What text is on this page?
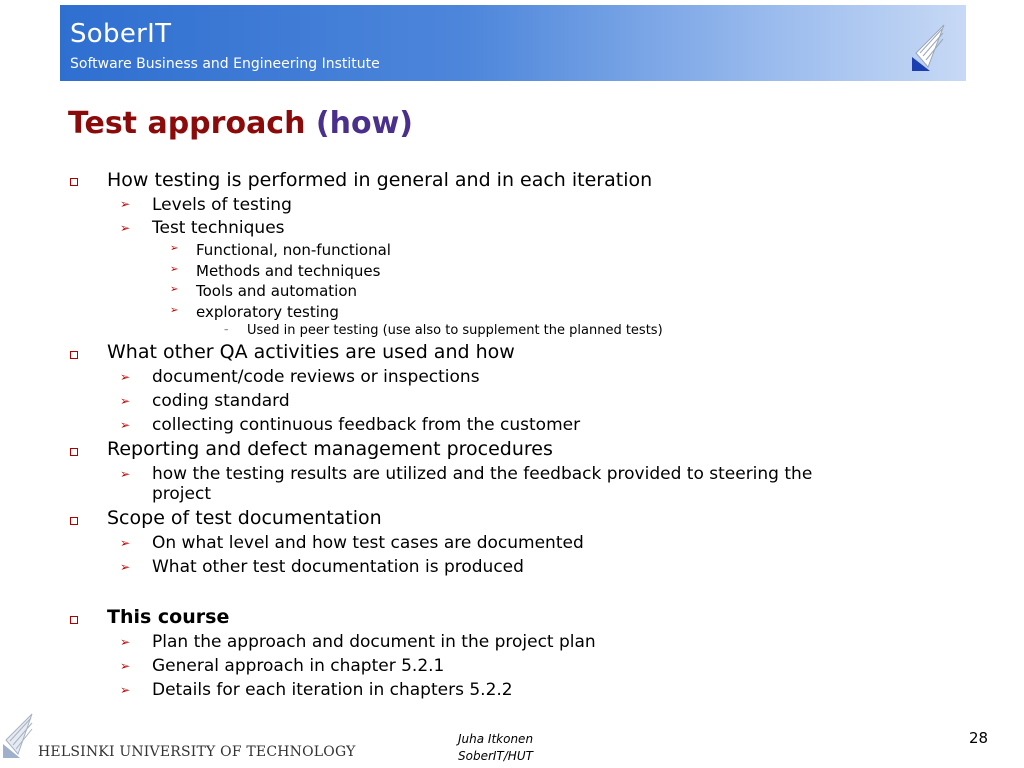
SoberIT
Software Business and Engineering Institute
Test approach (how)
How testing is performed in general and in each iteration
➢ Levels of testing
➢ Test techniques
➢ Functional, non-functional
➢ Methods and techniques
➢ Tools and automation
➢ exploratory testing
– Used in peer testing (use also to supplement the planned tests)
What other QA activities are used and how
➢ document/code reviews or inspections
➢ coding standard
➢ collecting continuous feedback from the customer
Reporting and defect management procedures
➢ how the testing results are utilized and the feedback provided to steering the
project
Scope of test documentation
➢ On what level and how test cases are documented
➢ What other test documentation is produced
This course
➢ Plan the approach and document in the project plan
➢ General approach in chapter 5.2.1
➢ Details for each iteration in chapters 5.2.2
HELSINKI UNIVERSITY OF TECHNOLOGY
Juha Itkonen
SoberIT/HUT
28
